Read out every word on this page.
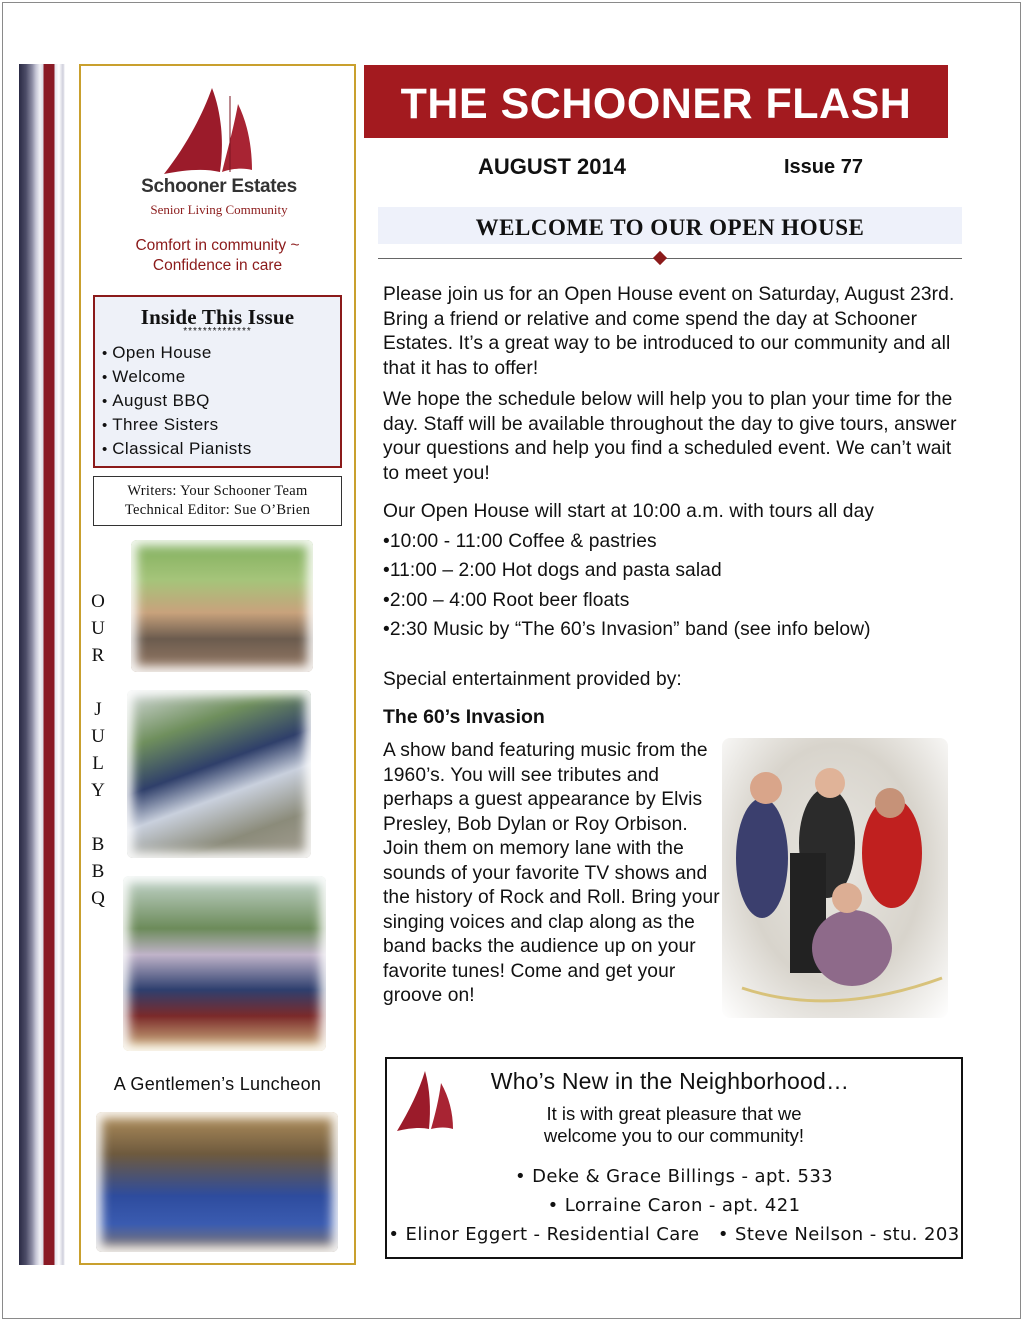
Schooner Estates
Senior Living Community
Comfort in community ~
Confidence in care
Inside This Issue
**************
• Open House
• Welcome
• August BBQ
• Three Sisters
• Classical Pianists
Writers: Your Schooner Team
Technical Editor: Sue O’Brien
O
U
R

J
U
L
Y

B
B
Q
A Gentlemen’s Luncheon
THE SCHOONER FLASH
AUGUST 2014	Issue 77
WELCOME TO OUR OPEN HOUSE
Please join us for an Open House event on Saturday, August 23rd. Bring a friend or relative and come spend the day at Schooner Estates. It’s a great way to be introduced to our community and all that it has to offer!
We hope the schedule below will help you to plan your time for the day. Staff will be available throughout the day to give tours, answer your questions and help you find a scheduled event. We can’t wait to meet you!
Our Open House will start at 10:00 a.m. with tours all day
•10:00 - 11:00 Coffee & pastries
•11:00 – 2:00 Hot dogs and pasta salad
•2:00 – 4:00 Root beer floats
•2:30 Music by “The 60’s Invasion” band (see info below)
Special entertainment provided by:
The 60’s Invasion
A show band featuring music from the 1960’s. You will see tributes and perhaps a guest appearance by Elvis Presley, Bob Dylan or Roy Orbison. Join them on memory lane with the sounds of your favorite TV shows and the history of Rock and Roll. Bring your singing voices and clap along as the band backs the audience up on your favorite tunes! Come and get your groove on!
Who’s New in the Neighborhood…
It is with great pleasure that we
welcome you to our community!
• Deke & Grace Billings - apt. 533
• Lorraine Caron - apt. 421
• Elinor Eggert - Residential Care   • Steve Neilson - stu. 203
